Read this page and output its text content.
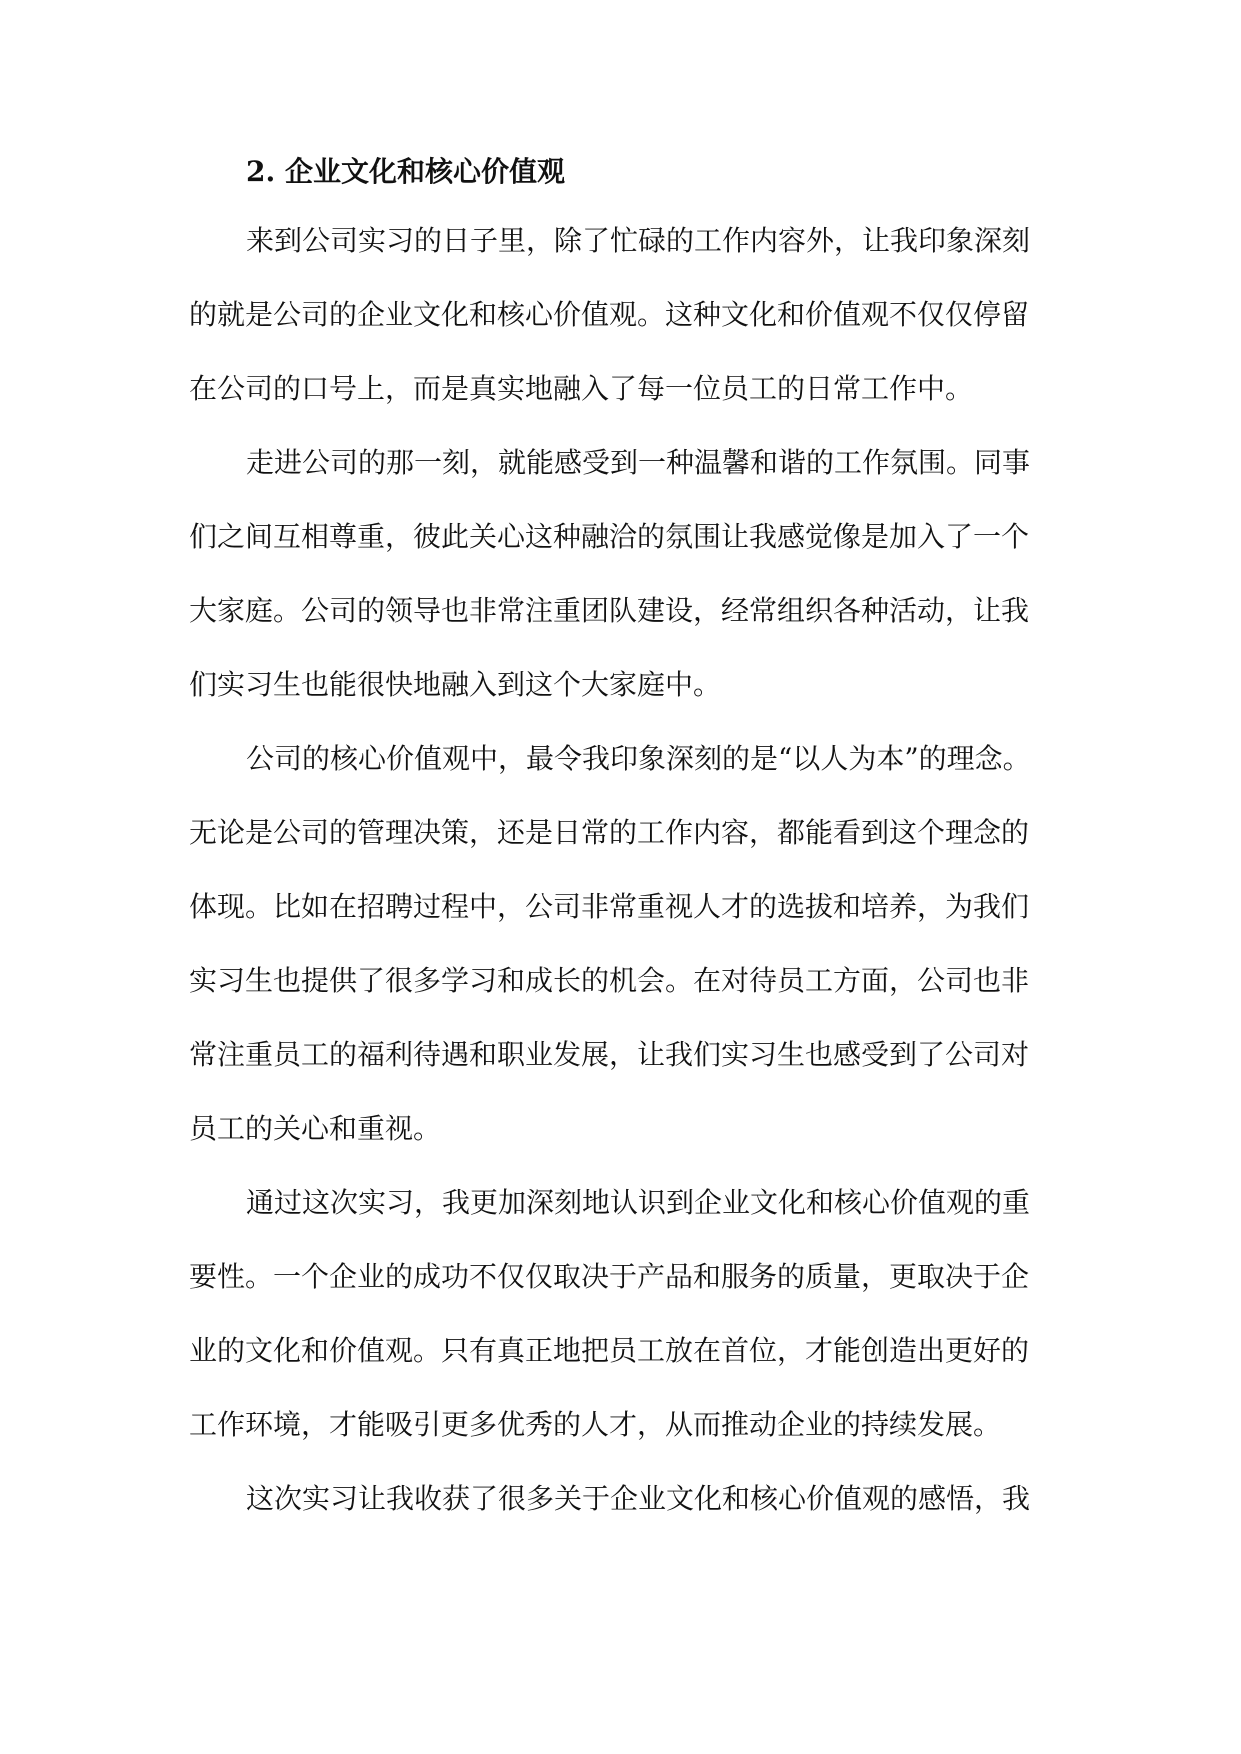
2. 企业文化和核心价值观
来到公司实习的日子里，除了忙碌的工作内容外，让我印象深刻
的就是公司的企业文化和核心价值观。这种文化和价值观不仅仅停留
在公司的口号上，而是真实地融入了每一位员工的日常工作中。
走进公司的那一刻，就能感受到一种温馨和谐的工作氛围。同事
们之间互相尊重，彼此关心这种融洽的氛围让我感觉像是加入了一个
大家庭。公司的领导也非常注重团队建设，经常组织各种活动，让我
们实习生也能很快地融入到这个大家庭中。
公司的核心价值观中，最令我印象深刻的是“以人为本”的理念。
无论是公司的管理决策，还是日常的工作内容，都能看到这个理念的
体现。比如在招聘过程中，公司非常重视人才的选拔和培养，为我们
实习生也提供了很多学习和成长的机会。在对待员工方面，公司也非
常注重员工的福利待遇和职业发展，让我们实习生也感受到了公司对
员工的关心和重视。
通过这次实习，我更加深刻地认识到企业文化和核心价值观的重
要性。一个企业的成功不仅仅取决于产品和服务的质量，更取决于企
业的文化和价值观。只有真正地把员工放在首位，才能创造出更好的
工作环境，才能吸引更多优秀的人才，从而推动企业的持续发展。
这次实习让我收获了很多关于企业文化和核心价值观的感悟，我
